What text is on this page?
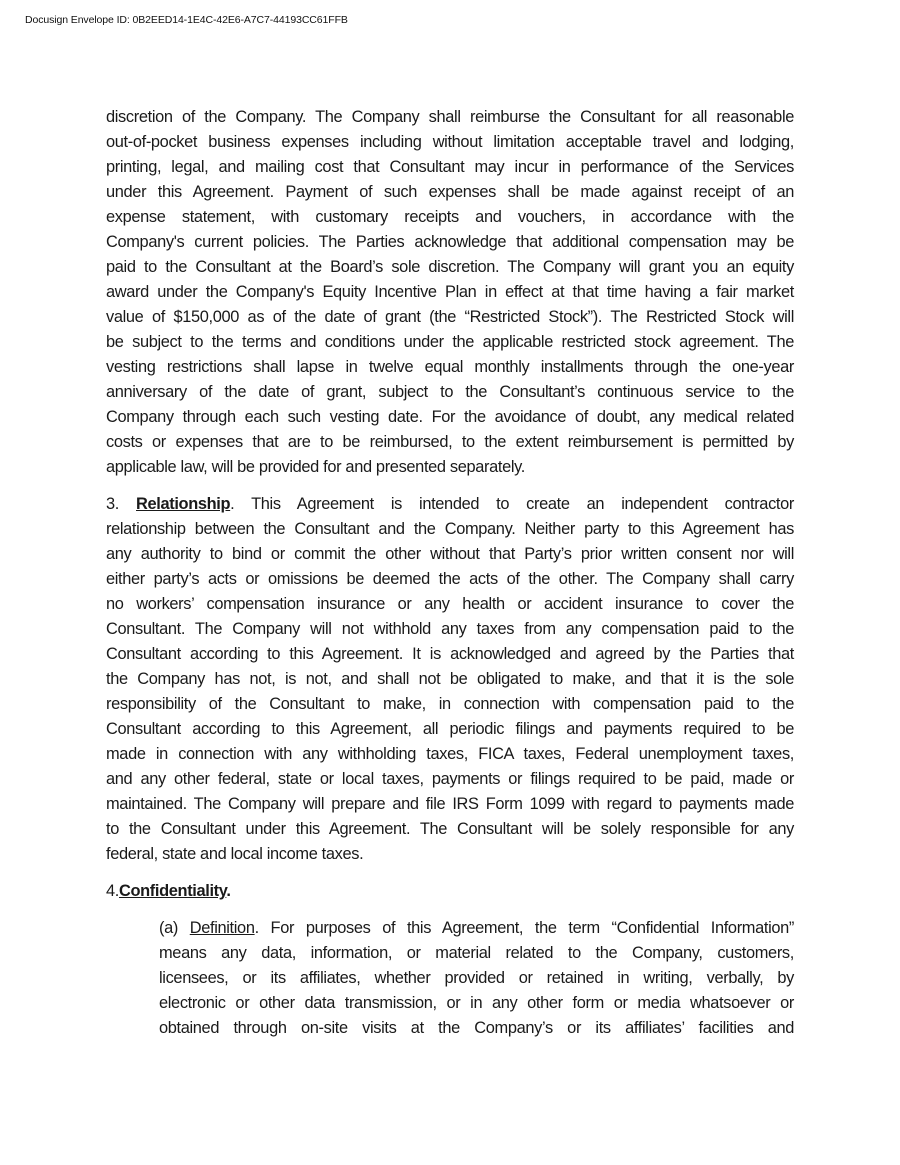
Docusign Envelope ID: 0B2EED14-1E4C-42E6-A7C7-44193CC61FFB
discretion of the Company. The Company shall reimburse the Consultant for all reasonable
out-of-pocket business expenses including without limitation acceptable travel and lodging,
printing, legal, and mailing cost that Consultant may incur in performance of the Services
under this Agreement. Payment of such expenses shall be made against receipt of an
expense statement, with customary receipts and vouchers, in accordance with the
Company's current policies. The Parties acknowledge that additional compensation may be
paid to the Consultant at the Board’s sole discretion. The Company will grant you an equity
award under the Company's Equity Incentive Plan in effect at that time having a fair market
value of $150,000 as of the date of grant (the “Restricted Stock”). The Restricted Stock will
be subject to the terms and conditions under the applicable restricted stock agreement. The
vesting restrictions shall lapse in twelve equal monthly installments through the one-year
anniversary of the date of grant, subject to the Consultant’s continuous service to the
Company through each such vesting date. For the avoidance of doubt, any medical related
costs or expenses that are to be reimbursed, to the extent reimbursement is permitted by
applicable law, will be provided for and presented separately.
3. Relationship. This Agreement is intended to create an independent contractor
relationship between the Consultant and the Company. Neither party to this Agreement has
any authority to bind or commit the other without that Party’s prior written consent nor will
either party’s acts or omissions be deemed the acts of the other. The Company shall carry
no workers’ compensation insurance or any health or accident insurance to cover the
Consultant. The Company will not withhold any taxes from any compensation paid to the
Consultant according to this Agreement. It is acknowledged and agreed by the Parties that
the Company has not, is not, and shall not be obligated to make, and that it is the sole
responsibility of the Consultant to make, in connection with compensation paid to the
Consultant according to this Agreement, all periodic filings and payments required to be
made in connection with any withholding taxes, FICA taxes, Federal unemployment taxes,
and any other federal, state or local taxes, payments or filings required to be paid, made or
maintained. The Company will prepare and file IRS Form 1099 with regard to payments made
to the Consultant under this Agreement. The Consultant will be solely responsible for any
federal, state and local income taxes.
4.Confidentiality.
(a) Definition. For purposes of this Agreement, the term “Confidential Information”
means any data, information, or material related to the Company, customers,
licensees, or its affiliates, whether provided or retained in writing, verbally, by
electronic or other data transmission, or in any other form or media whatsoever or
obtained through on-site visits at the Company’s or its affiliates’ facilities and
